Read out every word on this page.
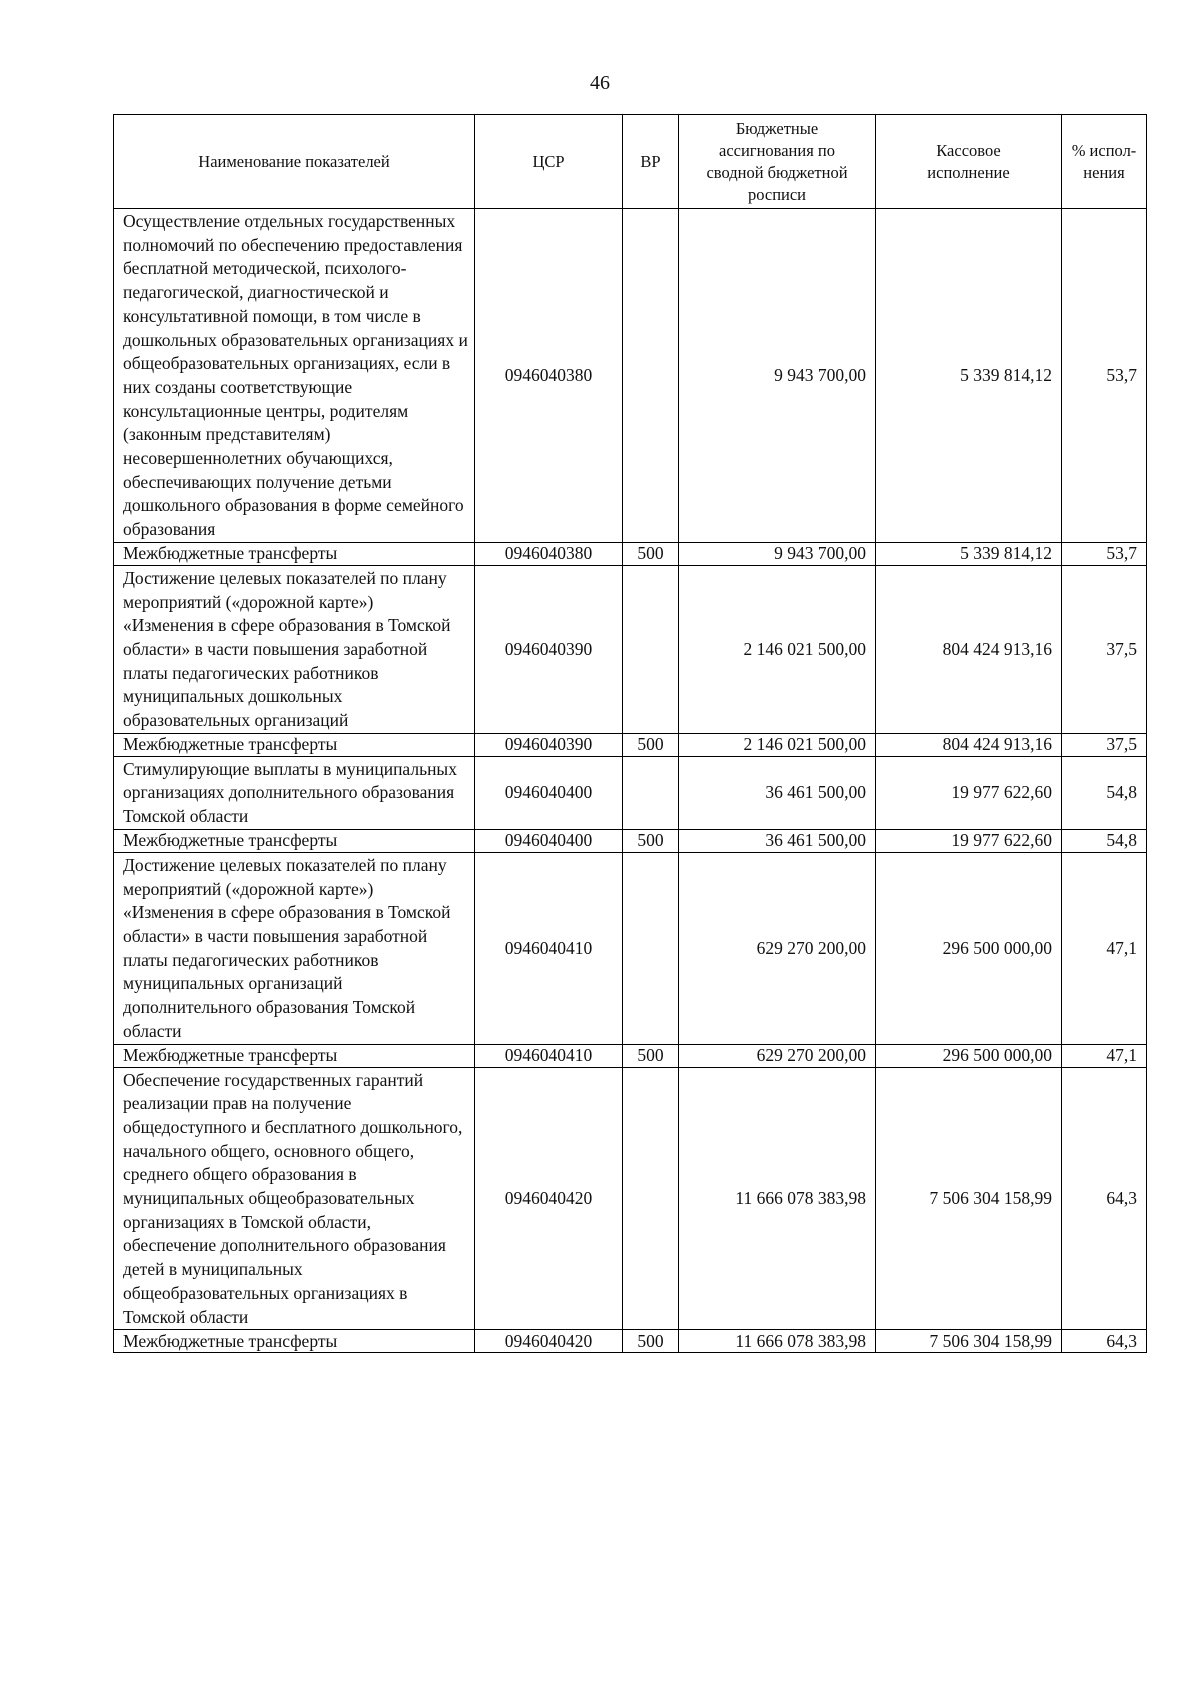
46
Наименование показателей	ЦСР	ВР	Бюджетные ассигнования по сводной бюджетной росписи	Кассовое исполнение	% испол-нения
Осуществление отдельных государственных полномочий по обеспечению предоставления бесплатной методической, психолого-педагогической, диагностической и консультативной помощи, в том числе в дошкольных образовательных организациях и общеобразовательных организациях, если в них созданы соответствующие консультационные центры, родителям (законным представителям) несовершеннолетних обучающихся, обеспечивающих получение детьми дошкольного образования в форме семейного образования	0946040380		9 943 700,00	5 339 814,12	53,7
Межбюджетные трансферты	0946040380	500	9 943 700,00	5 339 814,12	53,7
Достижение целевых показателей по плану мероприятий («дорожной карте») «Изменения в сфере образования в Томской области» в части повышения заработной платы педагогических работников муниципальных дошкольных образовательных организаций	0946040390		2 146 021 500,00	804 424 913,16	37,5
Межбюджетные трансферты	0946040390	500	2 146 021 500,00	804 424 913,16	37,5
Стимулирующие выплаты в муниципальных организациях дополнительного образования Томской области	0946040400		36 461 500,00	19 977 622,60	54,8
Межбюджетные трансферты	0946040400	500	36 461 500,00	19 977 622,60	54,8
Достижение целевых показателей по плану мероприятий («дорожной карте») «Изменения в сфере образования в Томской области» в части повышения заработной платы педагогических работников муниципальных организаций дополнительного образования Томской области	0946040410		629 270 200,00	296 500 000,00	47,1
Межбюджетные трансферты	0946040410	500	629 270 200,00	296 500 000,00	47,1
Обеспечение государственных гарантий реализации прав на получение общедоступного и бесплатного дошкольного, начального общего, основного общего, среднего общего образования в муниципальных общеобразовательных организациях в Томской области, обеспечение дополнительного образования детей в муниципальных общеобразовательных организациях в Томской области	0946040420		11 666 078 383,98	7 506 304 158,99	64,3
Межбюджетные трансферты	0946040420	500	11 666 078 383,98	7 506 304 158,99	64,3
